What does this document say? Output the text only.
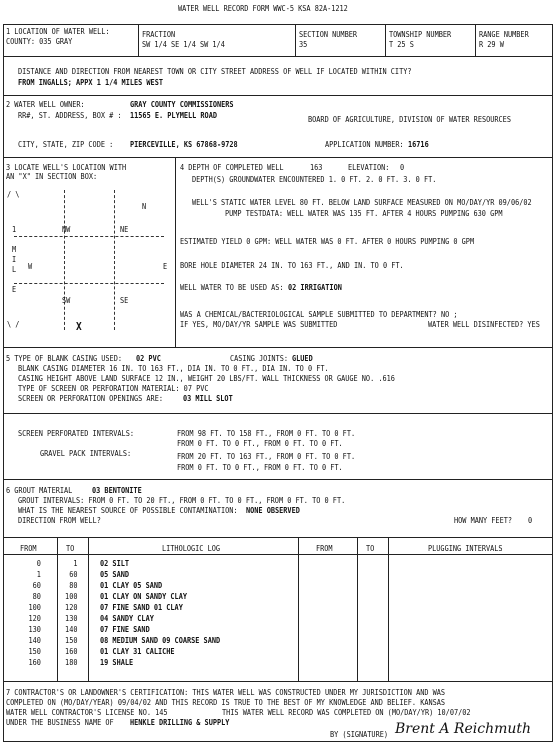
WATER WELL RECORD FORM WWC-5 KSA 82A-1212
1 LOCATION OF WATER WELL:
COUNTY: 035 GRAY
FRACTION
SW 1/4 SE 1/4 SW 1/4
SECTION NUMBER
35
TOWNSHIP NUMBER
T 25 S
RANGE NUMBER
R 29 W
DISTANCE AND DIRECTION FROM NEAREST TOWN OR CITY STREET ADDRESS OF WELL IF LOCATED WITHIN CITY?
FROM INGALLS; APPX 1 1/4 MILES WEST
2 WATER WELL OWNER:	GRAY COUNTY COMMISSIONERS
RR#, ST. ADDRESS, BOX # : 11565 E. PLYMELL ROAD	BOARD OF AGRICULTURE, DIVISION OF WATER RESOURCES
CITY, STATE, ZIP CODE : PIERCEVILLE, KS 67868-9728	APPLICATION NUMBER: 16716
3 LOCATE WELL'S LOCATION WITH
AN "X" IN SECTION BOX:
/ \
\ /
NW	NE
SW	SE
W	E
1
M
I
L
E
N
X
4 DEPTH OF COMPLETED WELL	163	ELEVATION: 0
DEPTH(S) GROUNDWATER ENCOUNTERED 1. 0 FT. 2. 0 FT. 3. 0 FT.
WELL'S STATIC WATER LEVEL 80 FT. BELOW LAND SURFACE MEASURED ON MO/DAY/YR 09/06/02
PUMP TESTDATA: WELL WATER WAS 135 FT. AFTER 4 HOURS PUMPING 630 GPM
ESTIMATED YIELD 0 GPM: WELL WATER WAS 0 FT. AFTER 0 HOURS PUMPING 0 GPM
BORE HOLE DIAMETER 24 IN. TO 163 FT., AND IN. TO 0 FT.
WELL WATER TO BE USED AS: 02 IRRIGATION
WAS A CHEMICAL/BACTERIOLOGICAL SAMPLE SUBMITTED TO DEPARTMENT? NO ;
IF YES, MO/DAY/YR SAMPLE WAS SUBMITTED	WATER WELL DISINFECTED? YES
5 TYPE OF BLANK CASING USED: 02 PVC	CASING JOINTS: GLUED
BLANK CASING DIAMETER 16 IN. TO 163 FT., DIA IN. TO 0 FT., DIA IN. TO 0 FT.
CASING HEIGHT ABOVE LAND SURFACE 12 IN., WEIGHT 20 LBS/FT. WALL THICKNESS OR GAUGE NO. .616
TYPE OF SCREEN OR PERFORATION MATERIAL: 07 PVC
SCREEN OR PERFORATION OPENINGS ARE:	03 MILL SLOT
SCREEN PERFORATED INTERVALS:	FROM 98 FT. TO 158 FT., FROM 0 FT. TO 0 FT.
FROM 0 FT. TO 0 FT., FROM 0 FT. TO 0 FT.
GRAVEL PACK INTERVALS:	FROM 20 FT. TO 163 FT., FROM 0 FT. TO 0 FT.
FROM 0 FT. TO 0 FT., FROM 0 FT. TO 0 FT.
6 GROUT MATERIAL 03 BENTONITE
GROUT INTERVALS: FROM 0 FT. TO 20 FT., FROM 0 FT. TO 0 FT., FROM 0 FT. TO 0 FT.
WHAT IS THE NEAREST SOURCE OF POSSIBLE CONTAMINATION: NONE OBSERVED
DIRECTION FROM WELL?	HOW MANY FEET? 0
FROM	TO	LITHOLOGIC LOG	FROM	TO	PLUGGING INTERVALS
0	1	02 SILT
1	60	05 SAND
60	80	01 CLAY 05 SAND
80	100	01 CLAY ON SANDY CLAY
100	120	07 FINE SAND 01 CLAY
120	130	04 SANDY CLAY
130	140	07 FINE SAND
140	150	08 MEDIUM SAND 09 COARSE SAND
150	160	01 CLAY 31 CALICHE
160	180	19 SHALE
7 CONTRACTOR'S OR LANDOWNER'S CERTIFICATION: THIS WATER WELL WAS CONSTRUCTED UNDER MY JURISDICTION AND WAS
COMPLETED ON (MO/DAY/YEAR) 09/04/02 AND THIS RECORD IS TRUE TO THE BEST OF MY KNOWLEDGE AND BELIEF. KANSAS
WATER WELL CONTRACTOR'S LICENSE NO. 145	THIS WATER WELL RECORD WAS COMPLETED ON (MO/DAY/YR) 10/07/02
UNDER THE BUSINESS NAME OF HENKLE DRILLING & SUPPLY
BY (SIGNATURE) Brent A Reichmuth
